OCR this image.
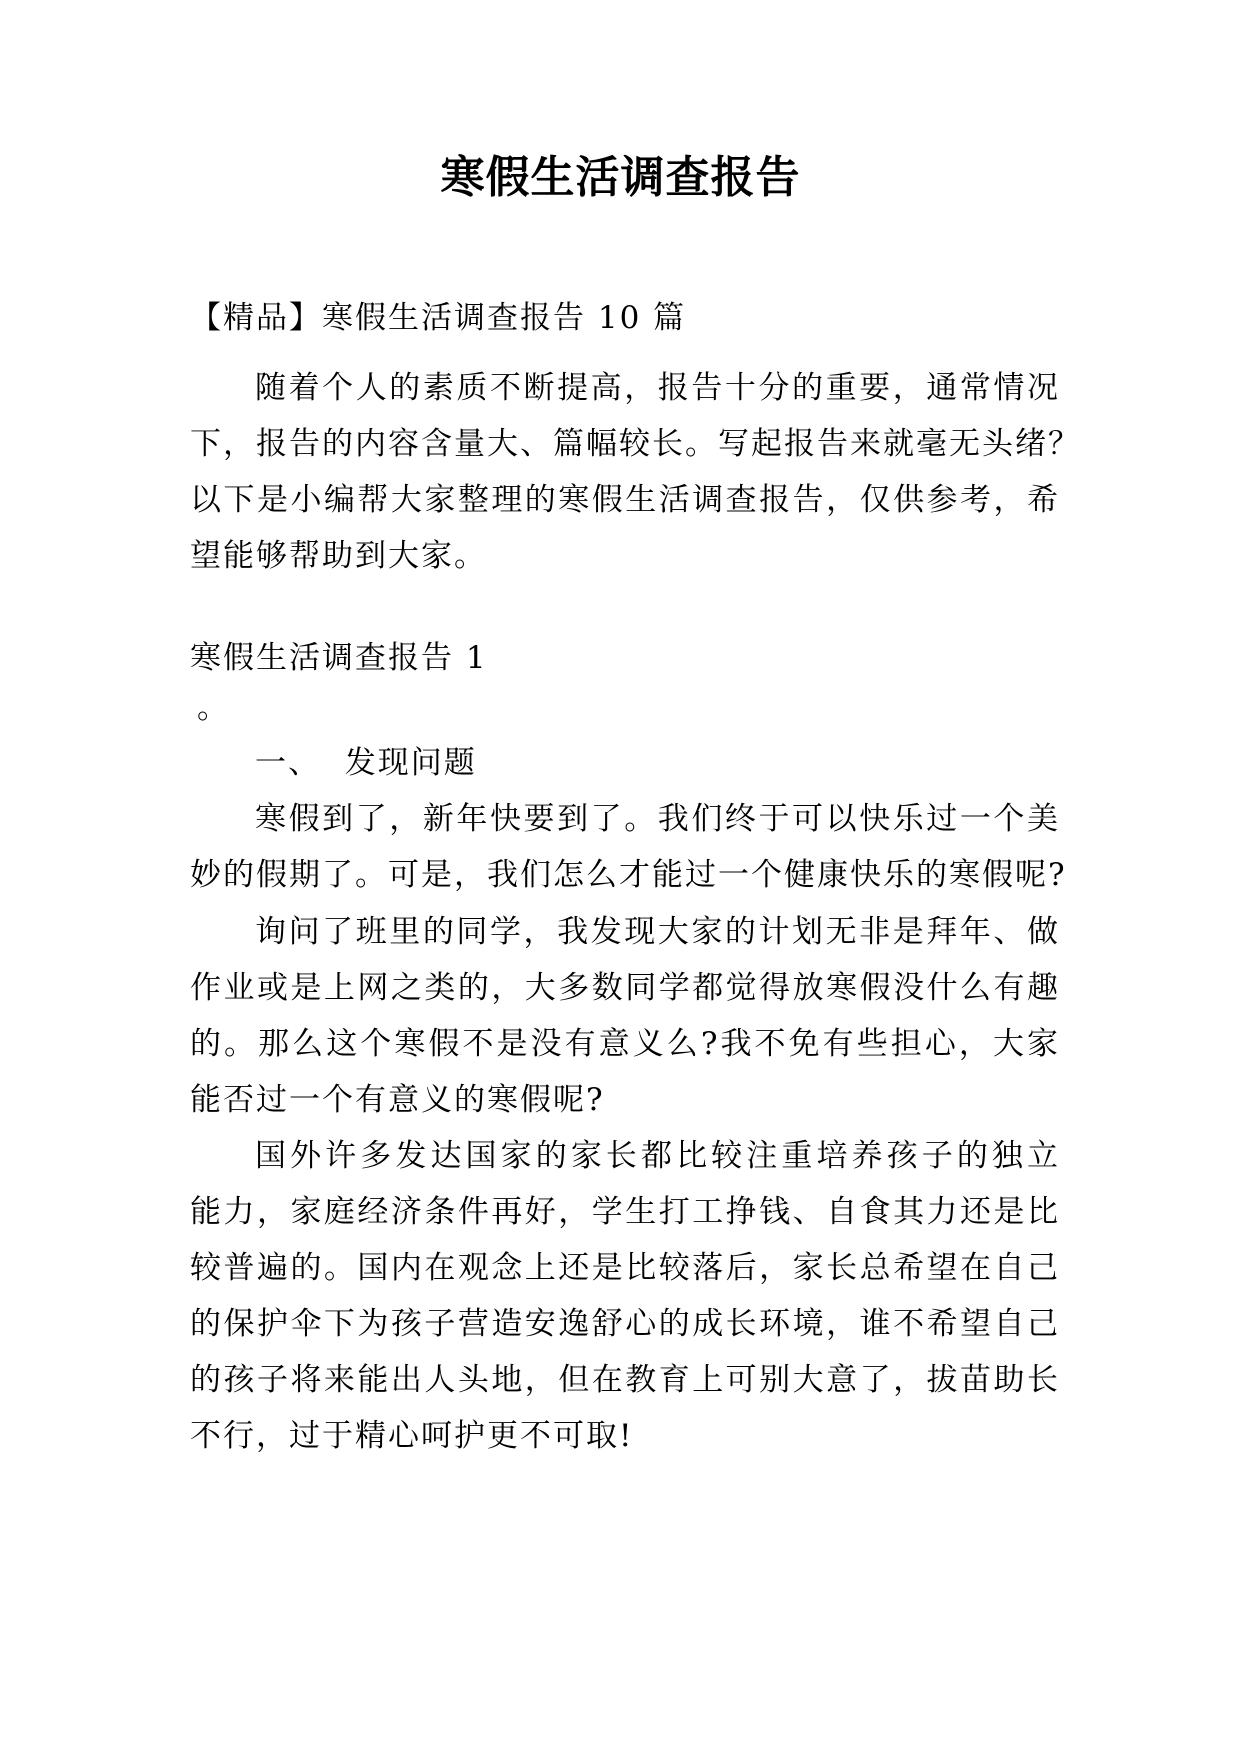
寒假生活调查报告
【精品】寒假生活调查报告 10 篇
随着个人的素质不断提高，报告十分的重要，通常情况
下，报告的内容含量大、篇幅较长。写起报告来就毫无头绪？
以下是小编帮大家整理的寒假生活调查报告，仅供参考，希
望能够帮助到大家。
寒假生活调查报告 1
。
一、  发现问题
寒假到了，新年快要到了。我们终于可以快乐过一个美
妙的假期了。可是，我们怎么才能过一个健康快乐的寒假呢?
询问了班里的同学，我发现大家的计划无非是拜年、做
作业或是上网之类的，大多数同学都觉得放寒假没什么有趣
的。那么这个寒假不是没有意义么?我不免有些担心，大家
能否过一个有意义的寒假呢?
国外许多发达国家的家长都比较注重培养孩子的独立
能力，家庭经济条件再好，学生打工挣钱、自食其力还是比
较普遍的。国内在观念上还是比较落后，家长总希望在自己
的保护伞下为孩子营造安逸舒心的成长环境，谁不希望自己
的孩子将来能出人头地，但在教育上可别大意了，拔苗助长
不行，过于精心呵护更不可取!
